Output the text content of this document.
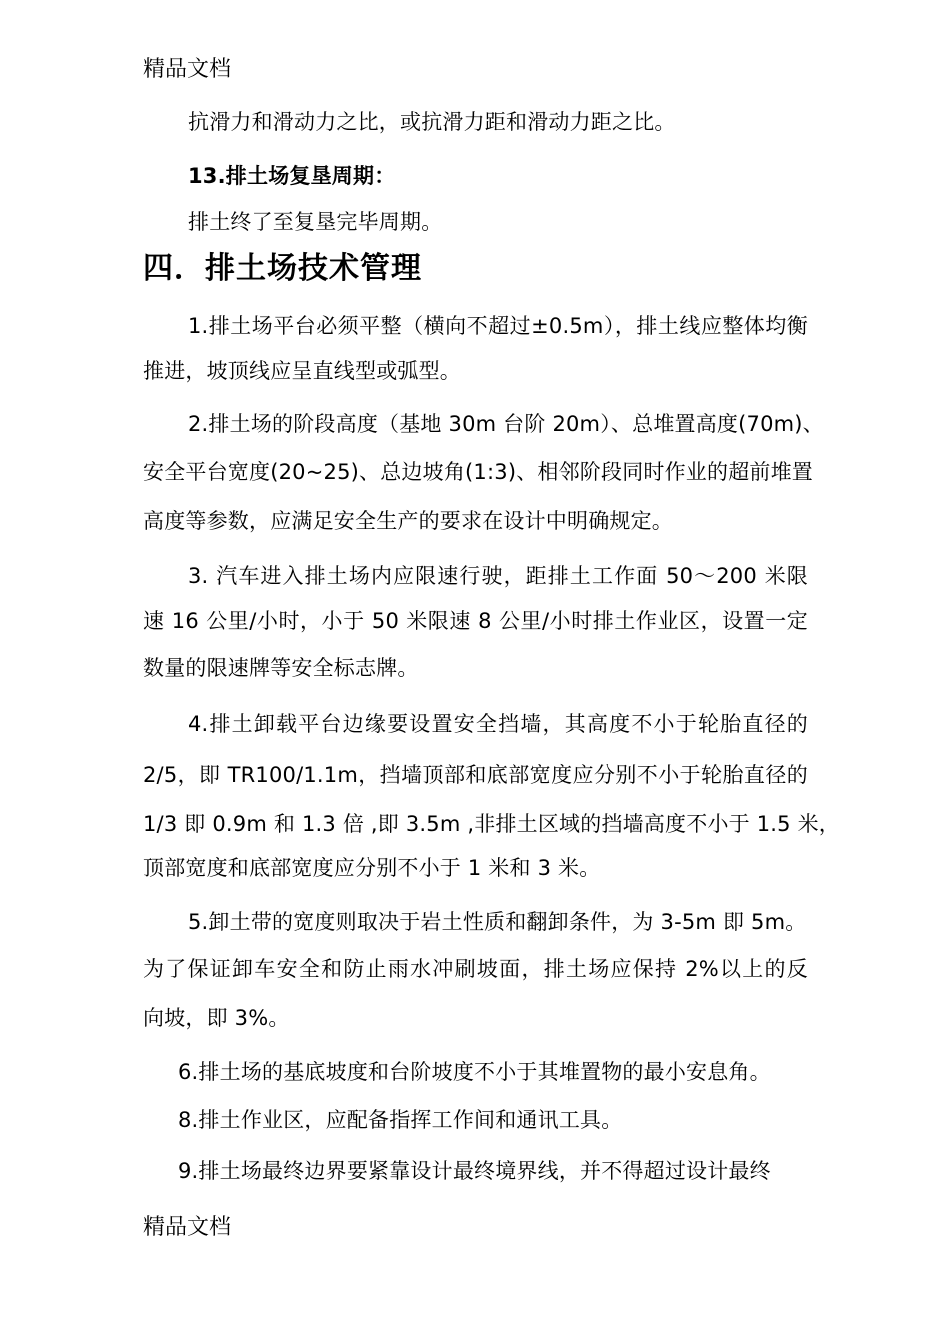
精品文档
抗滑力和滑动力之比，或抗滑力距和滑动力距之比。
13.排土场复垦周期：
排土终了至复垦完毕周期。
四．排土场技术管理
1.排土场平台必须平整（横向不超过±0.5m），排土线应整体均衡
推进，坡顶线应呈直线型或弧型。
2.排土场的阶段高度（基地 30m 台阶 20m）、总堆置高度(70m)、
安全平台宽度(20~25)、总边坡角(1:3)、相邻阶段同时作业的超前堆置
高度等参数，应满足安全生产的要求在设计中明确规定。
3. 汽车进入排土场内应限速行驶，距排土工作面 50～200 米限
速 16 公里/小时，小于 50 米限速 8 公里/小时排土作业区，设置一定
数量的限速牌等安全标志牌。
4.排土卸载平台边缘要设置安全挡墙，其高度不小于轮胎直径的
2/5，即 TR100/1.1m，挡墙顶部和底部宽度应分别不小于轮胎直径的
1/3 即 0.9m 和 1.3 倍 ,即 3.5m ,非排土区域的挡墙高度不小于 1.5 米，
顶部宽度和底部宽度应分别不小于 1 米和 3 米。
5.卸土带的宽度则取决于岩土性质和翻卸条件，为 3-5m 即 5m。
为了保证卸车安全和防止雨水冲刷坡面，排土场应保持 2%以上的反
向坡，即 3%。
6.排土场的基底坡度和台阶坡度不小于其堆置物的最小安息角。
8.排土作业区，应配备指挥工作间和通讯工具。
9.排土场最终边界要紧靠设计最终境界线，并不得超过设计最终
精品文档
